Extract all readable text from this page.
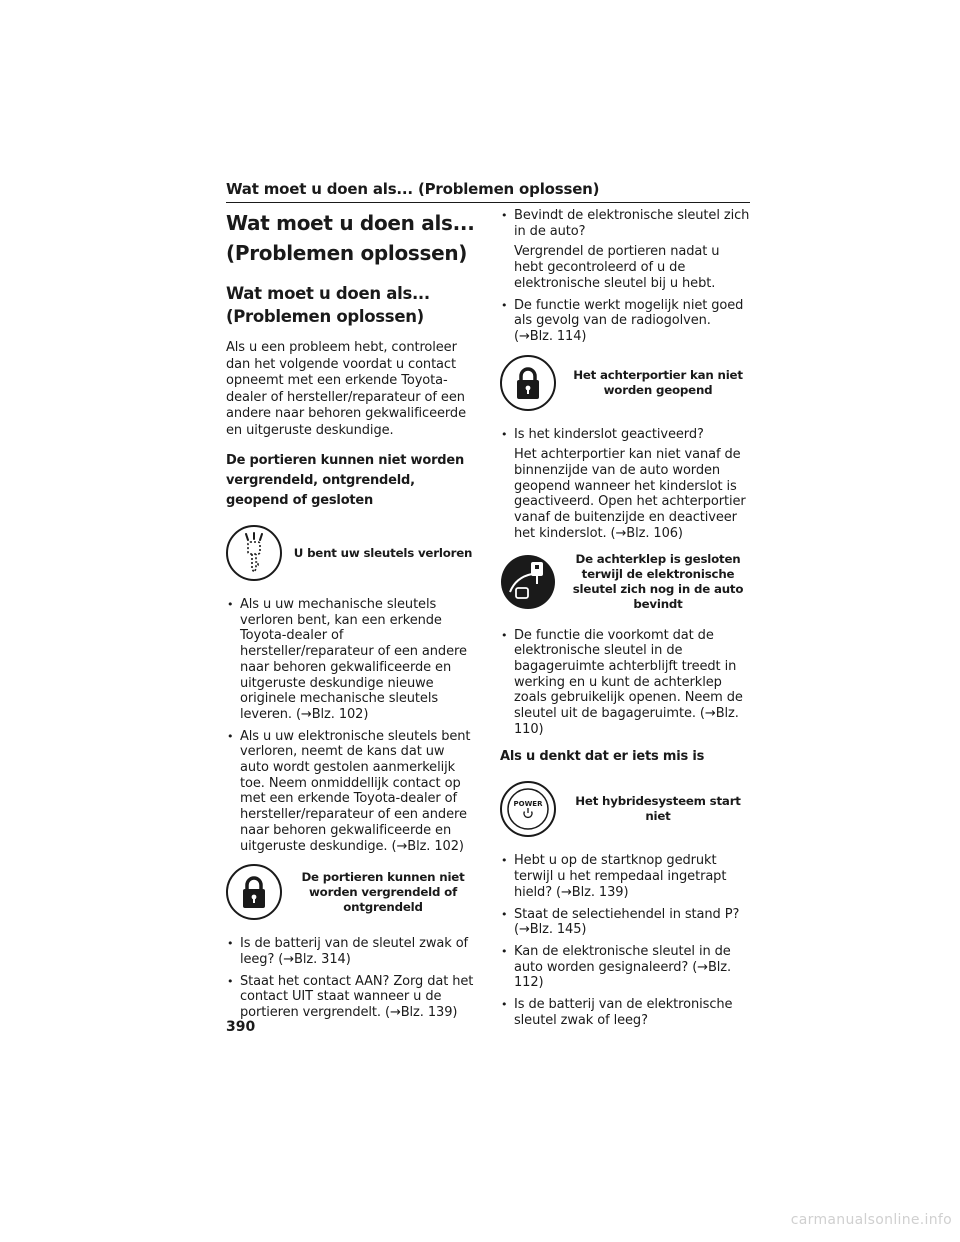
Wat moet u doen als... (Problemen oplossen)
Wat moet u doen als... (Problemen oplossen)
Wat moet u doen als... (Problemen oplossen)
Als u een probleem hebt, controleer dan het volgende voordat u contact opneemt met een erkende Toyota-dealer of hersteller/reparateur of een andere naar behoren gekwalificeerde en uitgeruste deskundige.
De portieren kunnen niet worden vergrendeld, ontgrendeld, geopend of gesloten
U bent uw sleutels verloren
• Als u uw mechanische sleutels verloren bent, kan een erkende Toyota-dealer of hersteller/reparateur of een andere naar behoren gekwalificeerde en uitgeruste deskundige nieuwe originele mechanische sleutels leveren. (→Blz. 102)
• Als u uw elektronische sleutels bent verloren, neemt de kans dat uw auto wordt gestolen aanmerkelijk toe. Neem onmiddellijk contact op met een erkende Toyota-dealer of hersteller/reparateur of een andere naar behoren gekwalificeerde en uitgeruste deskundige. (→Blz. 102)
De portieren kunnen niet worden vergrendeld of ontgrendeld
• Is de batterij van de sleutel zwak of leeg? (→Blz. 314)
• Staat het contact AAN? Zorg dat het contact UIT staat wanneer u de portieren vergrendelt. (→Blz. 139)
• Bevindt de elektronische sleutel zich in de auto?
Vergrendel de portieren nadat u hebt gecontroleerd of u de elektronische sleutel bij u hebt.
• De functie werkt mogelijk niet goed als gevolg van de radiogolven. (→Blz. 114)
Het achterportier kan niet worden geopend
• Is het kinderslot geactiveerd?
Het achterportier kan niet vanaf de binnenzijde van de auto worden geopend wanneer het kinderslot is geactiveerd. Open het achterportier vanaf de buitenzijde en deactiveer het kinderslot. (→Blz. 106)
De achterklep is gesloten terwijl de elektronische sleutel zich nog in de auto bevindt
• De functie die voorkomt dat de elektronische sleutel in de bagageruimte achterblijft treedt in werking en u kunt de achterklep zoals gebruikelijk openen. Neem de sleutel uit de bagageruimte. (→Blz. 110)
Als u denkt dat er iets mis is
POWER	Het hybridesysteem start niet
• Hebt u op de startknop gedrukt terwijl u het rempedaal ingetrapt hield? (→Blz. 139)
• Staat de selectiehendel in stand P? (→Blz. 145)
• Kan de elektronische sleutel in de auto worden gesignaleerd? (→Blz. 112)
• Is de batterij van de elektronische sleutel zwak of leeg?
390
carmanualsonline.info
